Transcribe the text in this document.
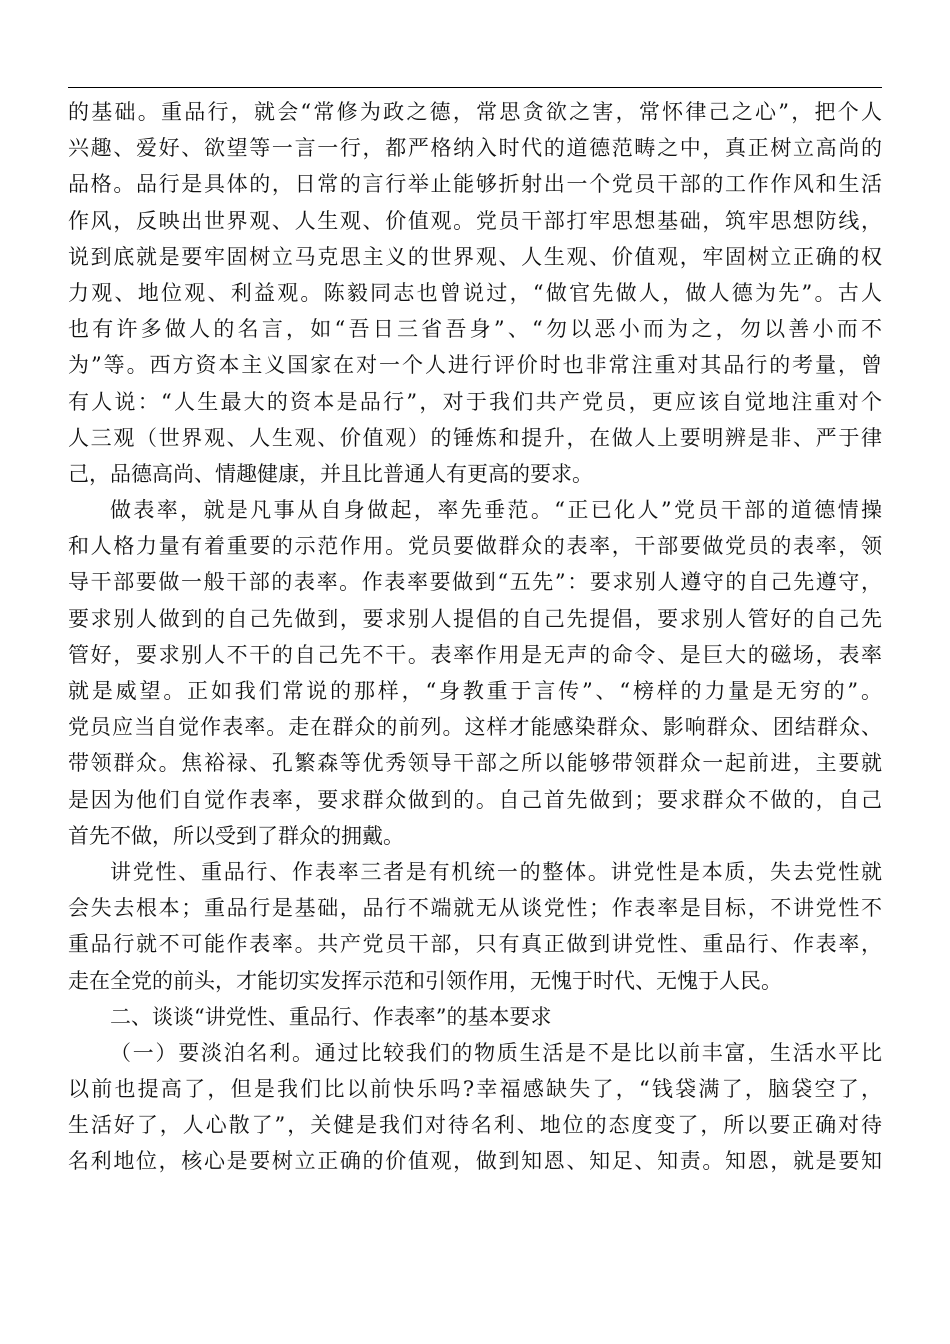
的基础。重品行，就会“常修为政之德，常思贪欲之害，常怀律己之心”，把个人
兴趣、爱好、欲望等一言一行，都严格纳入时代的道德范畴之中，真正树立高尚的
品格。品行是具体的，日常的言行举止能够折射出一个党员干部的工作作风和生活
作风，反映出世界观、人生观、价值观。党员干部打牢思想基础，筑牢思想防线，
说到底就是要牢固树立马克思主义的世界观、人生观、价值观，牢固树立正确的权
力观、地位观、利益观。陈毅同志也曾说过，“做官先做人，做人德为先”。古人
也有许多做人的名言，如“吾日三省吾身”、“勿以恶小而为之，勿以善小而不
为”等。西方资本主义国家在对一个人进行评价时也非常注重对其品行的考量，曾
有人说：“人生最大的资本是品行”，对于我们共产党员，更应该自觉地注重对个
人三观（世界观、人生观、价值观）的锤炼和提升，在做人上要明辨是非、严于律
己，品德高尚、情趣健康，并且比普通人有更高的要求。
做表率，就是凡事从自身做起，率先垂范。“正已化人”党员干部的道德情操
和人格力量有着重要的示范作用。党员要做群众的表率，干部要做党员的表率，领
导干部要做一般干部的表率。作表率要做到“五先”：要求别人遵守的自己先遵守，
要求别人做到的自己先做到，要求别人提倡的自己先提倡，要求别人管好的自己先
管好，要求别人不干的自己先不干。表率作用是无声的命令、是巨大的磁场，表率
就是威望。正如我们常说的那样，“身教重于言传”、“榜样的力量是无穷的”。
党员应当自觉作表率。走在群众的前列。这样才能感染群众、影响群众、团结群众、
带领群众。焦裕禄、孔繁森等优秀领导干部之所以能够带领群众一起前进，主要就
是因为他们自觉作表率，要求群众做到的。自己首先做到；要求群众不做的，自己
首先不做，所以受到了群众的拥戴。
讲党性、重品行、作表率三者是有机统一的整体。讲党性是本质，失去党性就
会失去根本；重品行是基础，品行不端就无从谈党性；作表率是目标，不讲党性不
重品行就不可能作表率。共产党员干部，只有真正做到讲党性、重品行、作表率，
走在全党的前头，才能切实发挥示范和引领作用，无愧于时代、无愧于人民。
二、谈谈“讲党性、重品行、作表率”的基本要求
（一）要淡泊名利。通过比较我们的物质生活是不是比以前丰富，生活水平比
以前也提高了，但是我们比以前快乐吗?幸福感缺失了，“钱袋满了，脑袋空了，
生活好了，人心散了”，关健是我们对待名利、地位的态度变了，所以要正确对待
名利地位，核心是要树立正确的价值观，做到知恩、知足、知责。知恩，就是要知
